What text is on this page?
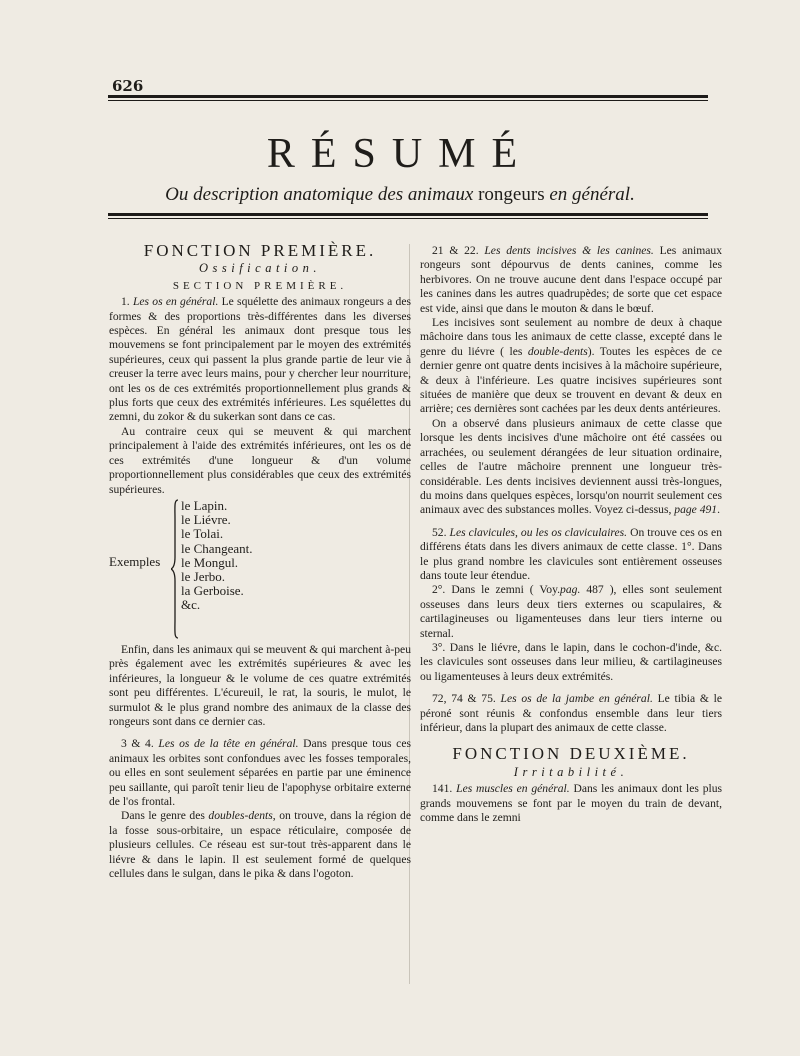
626
RÉSUMÉ
Ou description anatomique des animaux rongeurs en général.
FONCTION PREMIÈRE.
Ossification.
SECTION PREMIÈRE.

1. Les os en général. Le squélette des animaux rongeurs a des formes & des proportions très-différentes dans les diverses espèces. En général les animaux dont presque tous les mouvemens se font principalement par le moyen des extrémités supérieures, ceux qui passent la plus grande partie de leur vie à creuser la terre avec leurs mains, pour y chercher leur nourriture, ont les os de ces extrémités proportionnellement plus grands & plus forts que ceux des extrémités inférieures. Les squélettes du zemni, du zokor & du sukerkan sont dans ce cas.

Au contraire ceux qui se meuvent & qui marchent principalement à l'aide des extrémités inférieures, ont les os de ces extrémités d'une longueur & d'un volume proportionnellement plus considérables que ceux des extrémités supérieures.

Exemples
le Lapin.
le Liévre.
le Tolai.
le Changeant.
le Mongul.
le Jerbo.
la Gerboise.
&c.

Enfin, dans les animaux qui se meuvent & qui marchent à-peu près également avec les extrémités supérieures & avec les inférieures, la longueur & le volume de ces quatre extrémités sont peu différentes. L'écureuil, le rat, la souris, le mulot, le surmulot & le plus grand nombre des animaux de la classe des rongeurs sont dans ce dernier cas.

3 & 4. Les os de la tête en général. Dans presque tous ces animaux les orbites sont confondues avec les fosses temporales, ou elles en sont seulement séparées en partie par une éminence peu saillante, qui paroît tenir lieu de l'apophyse orbitaire externe de l'os frontal.

Dans le genre des doubles-dents, on trouve, dans la région de la fosse sous-orbitaire, un espace réticulaire, composée de plusieurs cellules. Ce réseau est sur-tout très-apparent dans le liévre & dans le lapin. Il est seulement formé de quelques cellules dans le sulgan, dans le pika & dans l'ogoton.

21 & 22. Les dents incisives & les canines. Les animaux rongeurs sont dépourvus de dents canines, comme les herbivores. On ne trouve aucune dent dans l'espace occupé par les canines dans les autres quadrupèdes; de sorte que cet espace est vide, ainsi que dans le mouton & dans le bœuf.

Les incisives sont seulement au nombre de deux à chaque mâchoire dans tous les animaux de cette classe, excepté dans le genre du liévre ( les double-dents). Toutes les espèces de ce dernier genre ont quatre dents incisives à la mâchoire supérieure, & deux à l'inférieure. Les quatre incisives supérieures sont situées de manière que deux se trouvent en devant & deux en arrière; ces dernières sont cachées par les deux dents antérieures.

On a observé dans plusieurs animaux de cette classe que lorsque les dents incisives d'une mâchoire ont été cassées ou arrachées, ou seulement dérangées de leur situation ordinaire, celles de l'autre mâchoire prennent une longueur très-considérable. Les dents incisives deviennent aussi très-longues, du moins dans quelques espèces, lorsqu'on nourrit seulement ces animaux avec des substances molles. Voyez ci-dessus, page 491.

52. Les clavicules, ou les os claviculaires. On trouve ces os en différens états dans les divers animaux de cette classe. 1°. Dans le plus grand nombre les clavicules sont entièrement osseuses dans toute leur étendue.

2°. Dans le zemni ( Voy.pag. 487 ), elles sont seulement osseuses dans leurs deux tiers externes ou scapulaires, & cartilagineuses ou ligamenteuses dans leur tiers interne ou sternal.

3°. Dans le liévre, dans le lapin, dans le cochon-d'inde, &c. les clavicules sont osseuses dans leur milieu, & cartilagineuses ou ligamenteuses à leurs deux extrémités.

72, 74 & 75. Les os de la jambe en général. Le tibia & le péroné sont réunis & confondus ensemble dans leur tiers inférieur, dans la plupart des animaux de cette classe.

FONCTION DEUXIÈME.
Irritabilité.

141. Les muscles en général. Dans les animaux dont les plus grands mouvemens se font par le moyen du train de devant, comme dans le zemni
